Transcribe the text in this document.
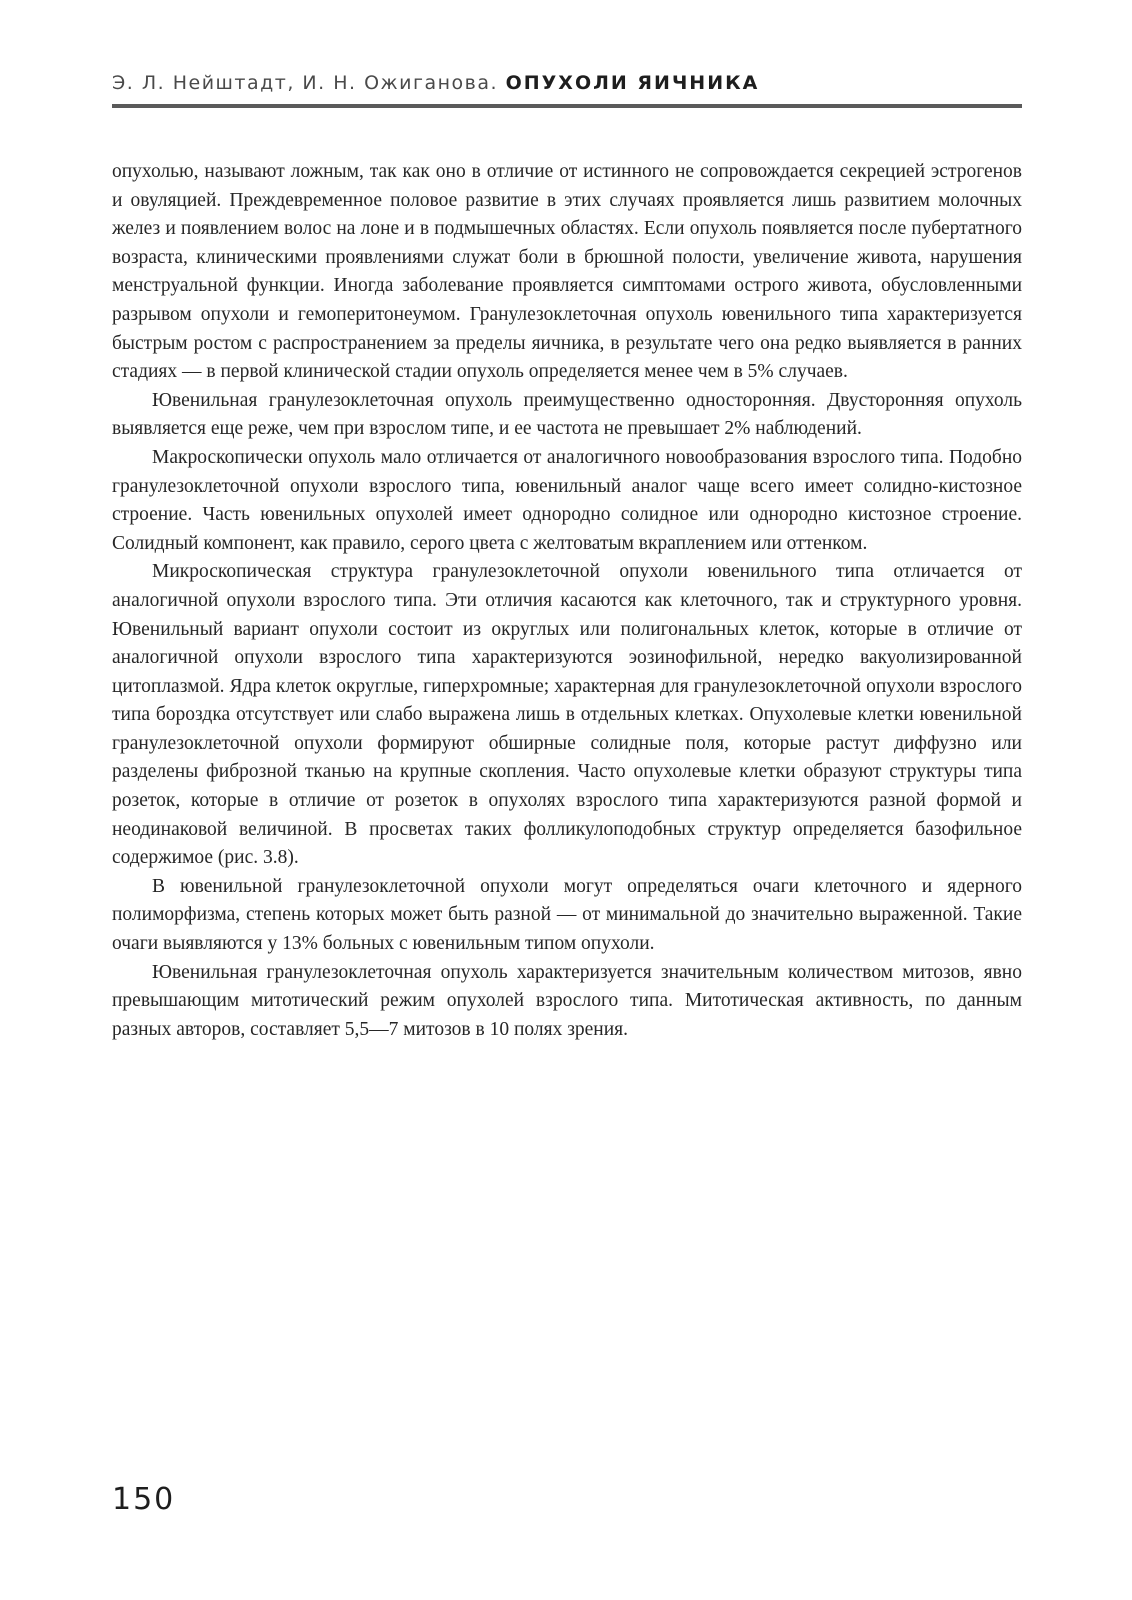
Э. Л. Нейштадт, И. Н. Ожиганова. ОПУХОЛИ ЯИЧНИКА

опухолью, называют ложным, так как оно в отличие от истинного не сопровождается секрецией эстрогенов и овуляцией. Преждевременное половое развитие в этих случаях проявляется лишь развитием молочных желез и появлением волос на лоне и в подмышечных областях. Если опухоль появляется после пубертатного возраста, клиническими проявлениями служат боли в брюшной полости, увеличение живота, нарушения менструальной функции. Иногда заболевание проявляется симптомами острого живота, обусловленными разрывом опухоли и гемоперитонеумом. Гранулезоклеточная опухоль ювенильного типа характеризуется быстрым ростом с распространением за пределы яичника, в результате чего она редко выявляется в ранних стадиях — в первой клинической стадии опухоль определяется менее чем в 5% случаев.

Ювенильная гранулезоклеточная опухоль преимущественно односторонняя. Двусторонняя опухоль выявляется еще реже, чем при взрослом типе, и ее частота не превышает 2% наблюдений.

Макроскопически опухоль мало отличается от аналогичного новообразования взрослого типа. Подобно гранулезоклеточной опухоли взрослого типа, ювенильный аналог чаще всего имеет солидно-кистозное строение. Часть ювенильных опухолей имеет однородно солидное или однородно кистозное строение. Солидный компонент, как правило, серого цвета с желтоватым вкраплением или оттенком.

Микроскопическая структура гранулезоклеточной опухоли ювенильного типа отличается от аналогичной опухоли взрослого типа. Эти отличия касаются как клеточного, так и структурного уровня. Ювенильный вариант опухоли состоит из округлых или полигональных клеток, которые в отличие от аналогичной опухоли взрослого типа характеризуются эозинофильной, нередко вакуолизированной цитоплазмой. Ядра клеток округлые, гиперхромные; характерная для гранулезоклеточной опухоли взрослого типа бороздка отсутствует или слабо выражена лишь в отдельных клетках. Опухолевые клетки ювенильной гранулезоклеточной опухоли формируют обширные солидные поля, которые растут диффузно или разделены фиброзной тканью на крупные скопления. Часто опухолевые клетки образуют структуры типа розеток, которые в отличие от розеток в опухолях взрослого типа характеризуются разной формой и неодинаковой величиной. В просветах таких фолликулоподобных структур определяется базофильное содержимое (рис. 3.8).

В ювенильной гранулезоклеточной опухоли могут определяться очаги клеточного и ядерного полиморфизма, степень которых может быть разной — от минимальной до значительно выраженной. Такие очаги выявляются у 13% больных с ювенильным типом опухоли.

Ювенильная гранулезоклеточная опухоль характеризуется значительным количеством митозов, явно превышающим митотический режим опухолей взрослого типа. Митотическая активность, по данным разных авторов, составляет 5,5—7 митозов в 10 полях зрения.

150
